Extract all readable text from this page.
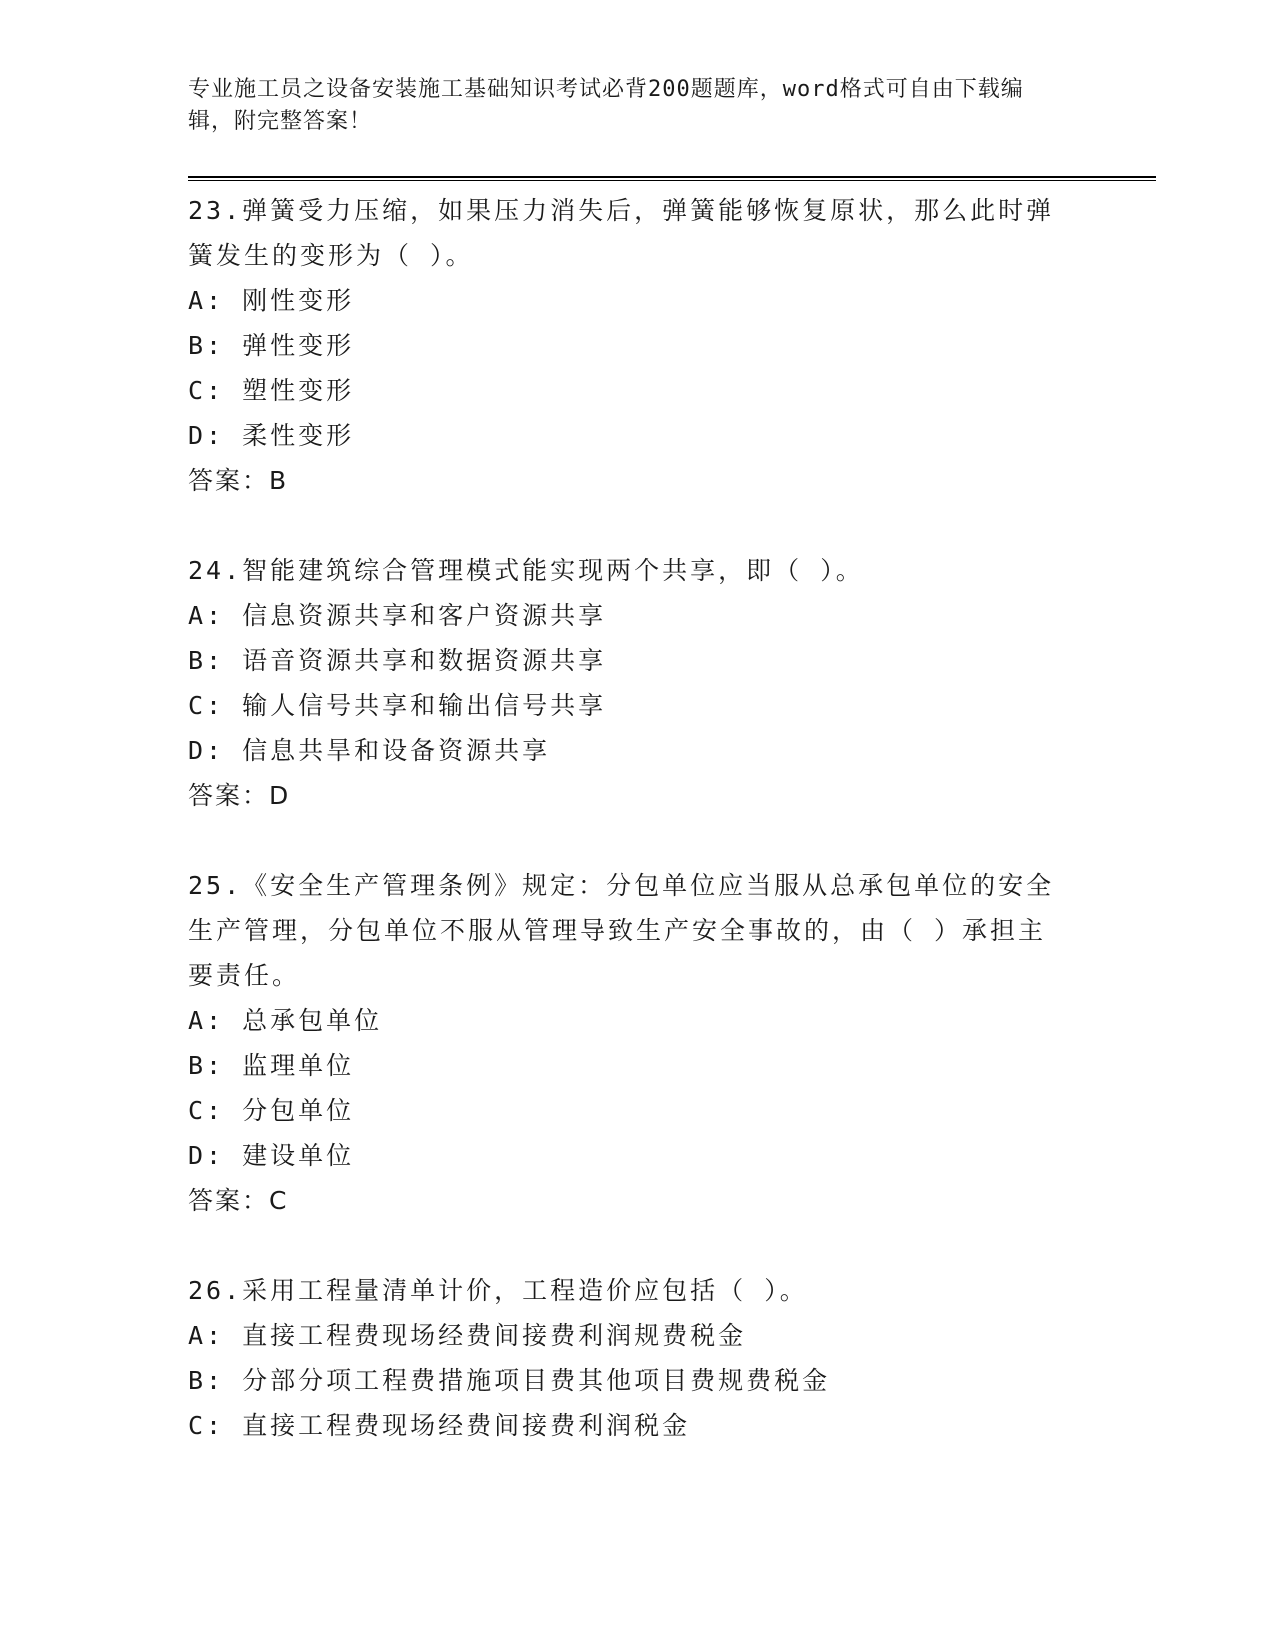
专业施工员之设备安装施工基础知识考试必背200题题库，word格式可自由下载编辑，附完整答案！
23.弹簧受力压缩，如果压力消失后，弹簧能够恢复原状，那么此时弹簧发生的变形为（ ）。
A: 刚性变形
B: 弹性变形
C: 塑性变形
D: 柔性变形
答案：B
24.智能建筑综合管理模式能实现两个共享，即（ ）。
A: 信息资源共享和客户资源共享
B: 语音资源共享和数据资源共享
C: 输人信号共享和输出信号共享
D: 信息共旱和设备资源共享
答案：D
25.《安全生产管理条例》规定：分包单位应当服从总承包单位的安全生产管理，分包单位不服从管理导致生产安全事故的，由（ ）承担主要责任。
A: 总承包单位
B: 监理单位
C: 分包单位
D: 建设单位
答案：C
26.采用工程量清单计价，工程造价应包括（ ）。
A: 直接工程费现场经费间接费利润规费税金
B: 分部分项工程费措施项目费其他项目费规费税金
C: 直接工程费现场经费间接费利润税金
